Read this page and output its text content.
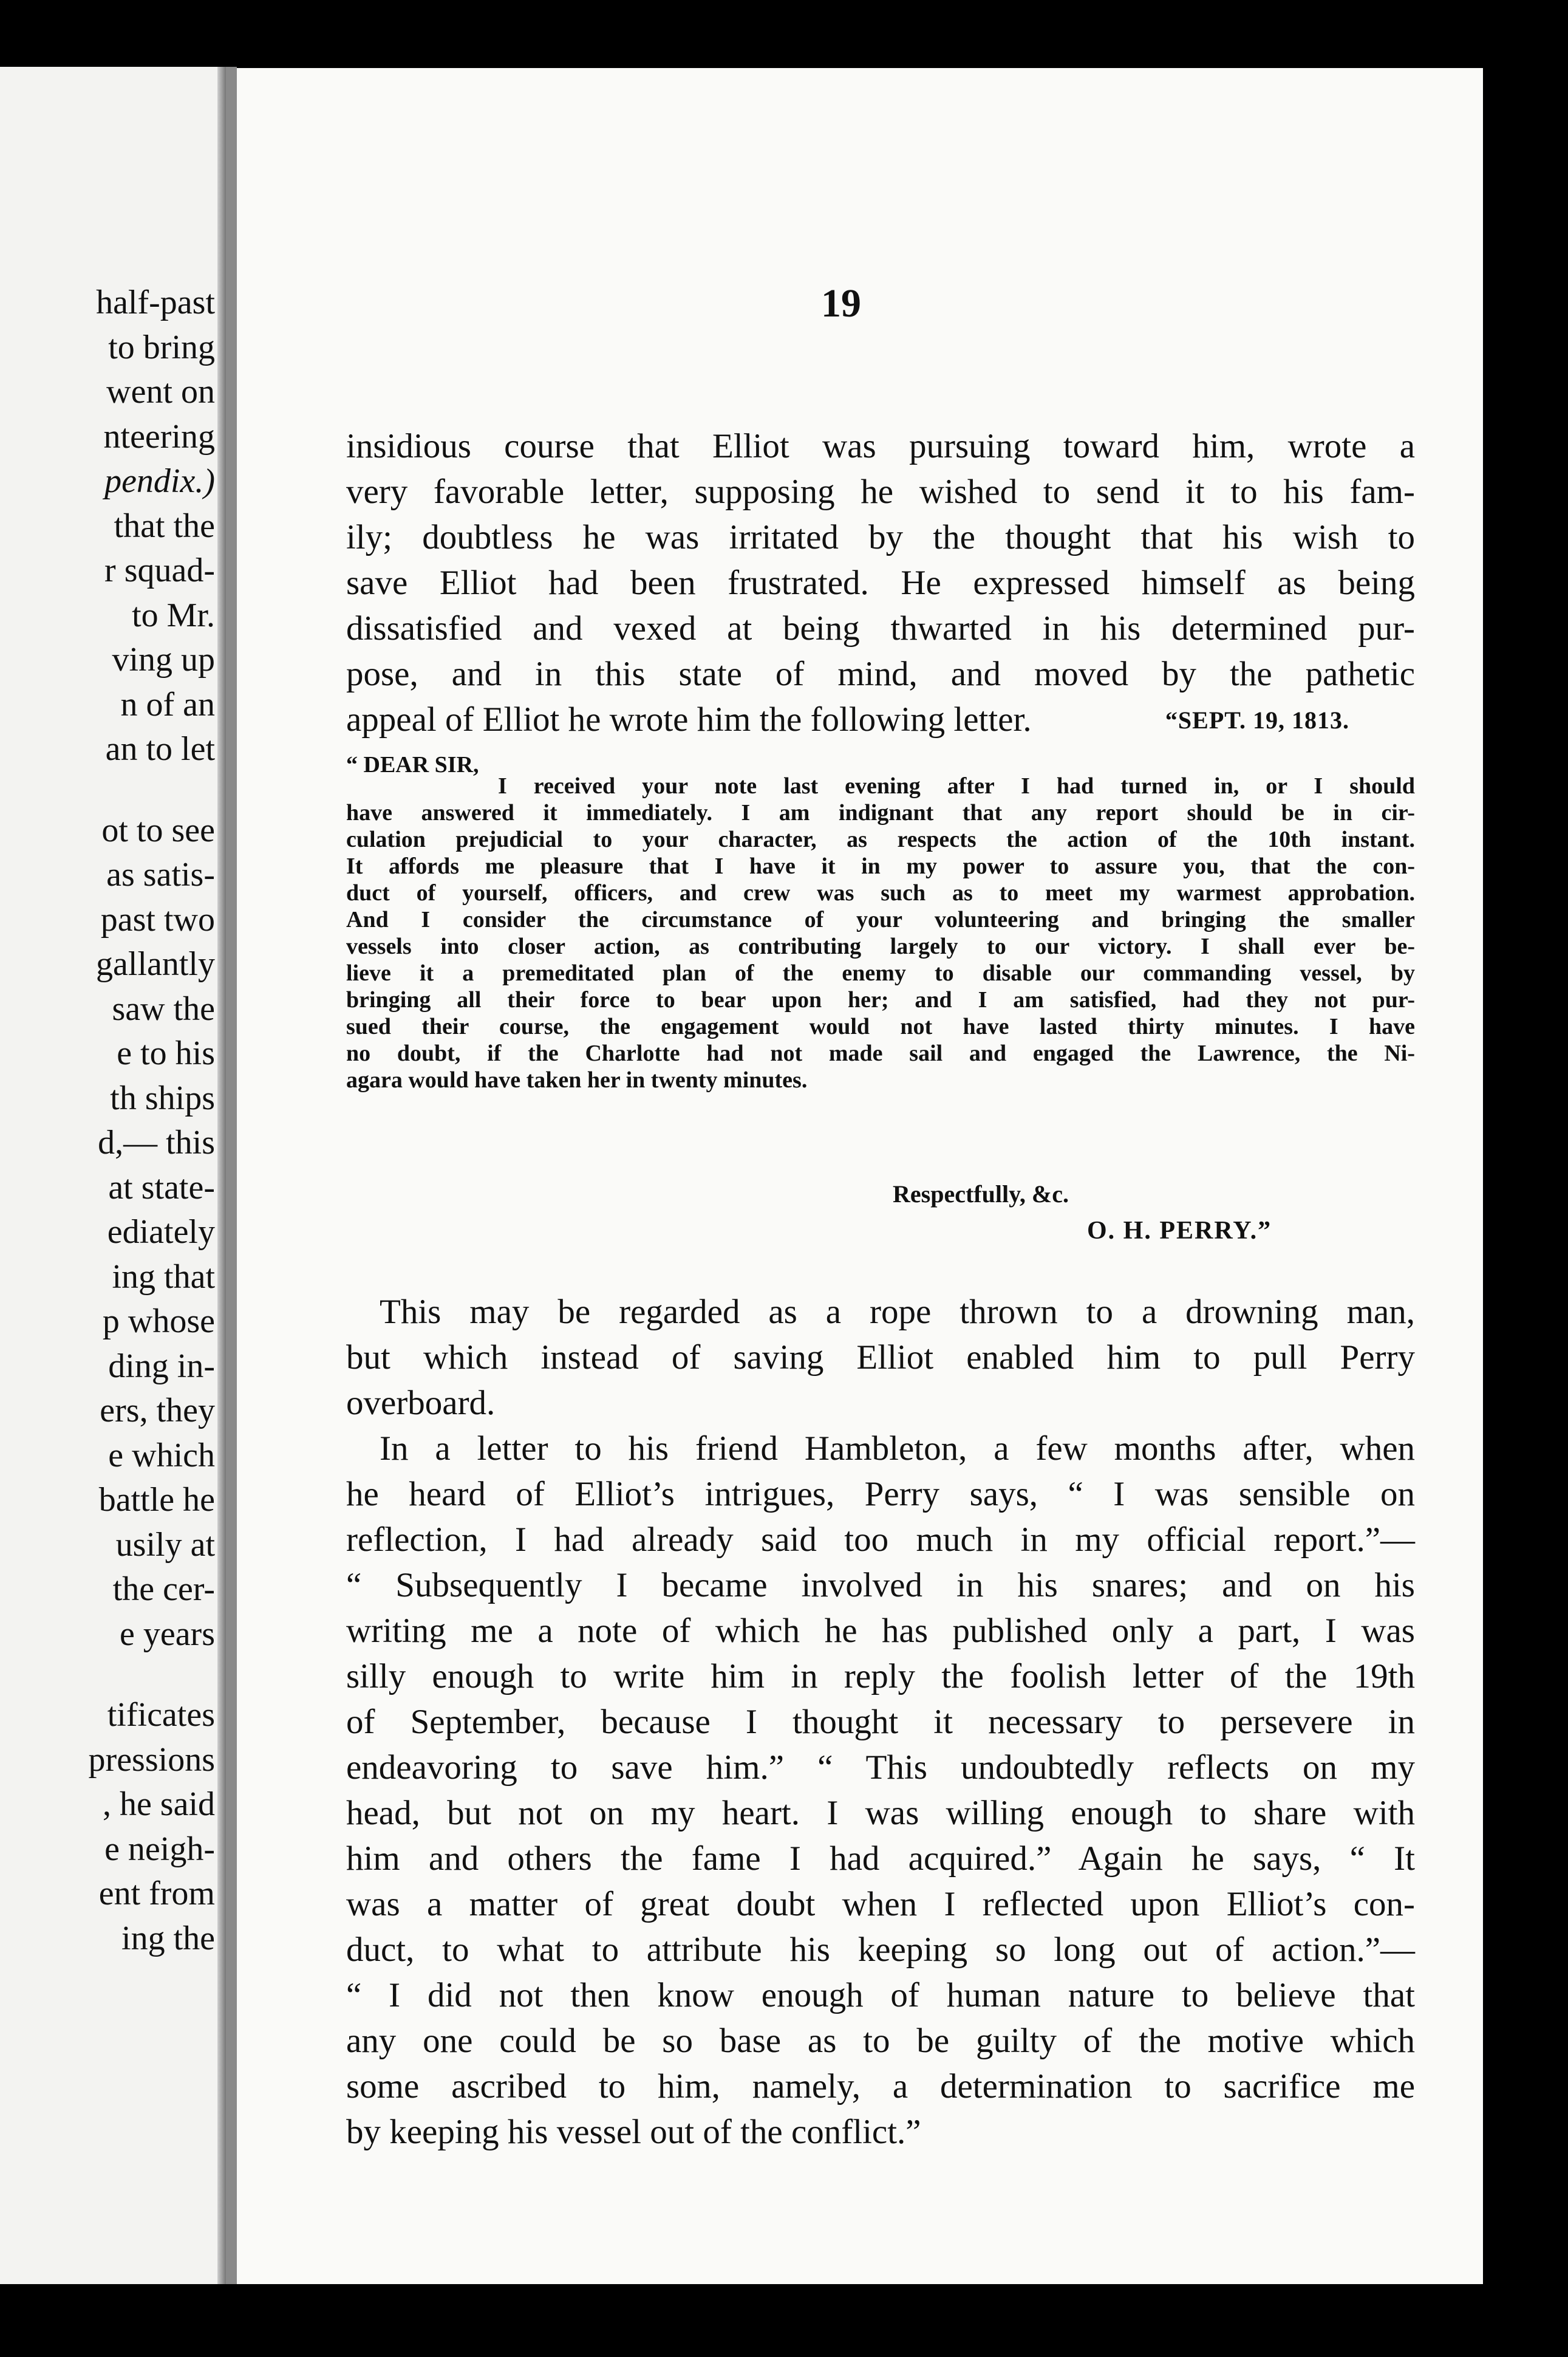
half-past
to bring
went on
nteering
pendix.)
that the
r squad-
to Mr.
ving up
n of an
an to let
ot to see
as satis-
past two
gallantly
saw the
e to his
th ships
d,— this
at state-
ediately
ing that
p whose
ding in-
ers, they
e which
battle he
usily at
the cer-
e years
tificates
pressions
, he said
e neigh-
ent from
ing the
19
insidious course that Elliot was pursuing toward him, wrote a
very favorable letter, supposing he wished to send it to his fam-
ily; doubtless he was irritated by the thought that his wish to
save Elliot had been frustrated. He expressed himself as being
dissatisfied and vexed at being thwarted in his determined pur-
pose, and in this state of mind, and moved by the pathetic
appeal of Elliot he wrote him the following letter.	“SEPT. 19, 1813.
“ DEAR SIR,
I received your note last evening after I had turned in, or I should
have answered it immediately. I am indignant that any report should be in cir-
culation prejudicial to your character, as respects the action of the 10th instant.
It affords me pleasure that I have it in my power to assure you, that the con-
duct of yourself, officers, and crew was such as to meet my warmest approbation.
And I consider the circumstance of your volunteering and bringing the smaller
vessels into closer action, as contributing largely to our victory. I shall ever be-
lieve it a premeditated plan of the enemy to disable our commanding vessel, by
bringing all their force to bear upon her; and I am satisfied, had they not pur-
sued their course, the engagement would not have lasted thirty minutes. I have
no doubt, if the Charlotte had not made sail and engaged the Lawrence, the Ni-
agara would have taken her in twenty minutes.
Respectfully, &c.
O. H. PERRY.”
This may be regarded as a rope thrown to a drowning man,
but which instead of saving Elliot enabled him to pull Perry
overboard.
In a letter to his friend Hambleton, a few months after, when
he heard of Elliot’s intrigues, Perry says, “ I was sensible on
reflection, I had already said too much in my official report.”—
“ Subsequently I became involved in his snares; and on his
writing me a note of which he has published only a part, I was
silly enough to write him in reply the foolish letter of the 19th
of September, because I thought it necessary to persevere in
endeavoring to save him.” “ This undoubtedly reflects on my
head, but not on my heart. I was willing enough to share with
him and others the fame I had acquired.” Again he says, “ It
was a matter of great doubt when I reflected upon Elliot’s con-
duct, to what to attribute his keeping so long out of action.”—
“ I did not then know enough of human nature to believe that
any one could be so base as to be guilty of the motive which
some ascribed to him, namely, a determination to sacrifice me
by keeping his vessel out of the conflict.”
